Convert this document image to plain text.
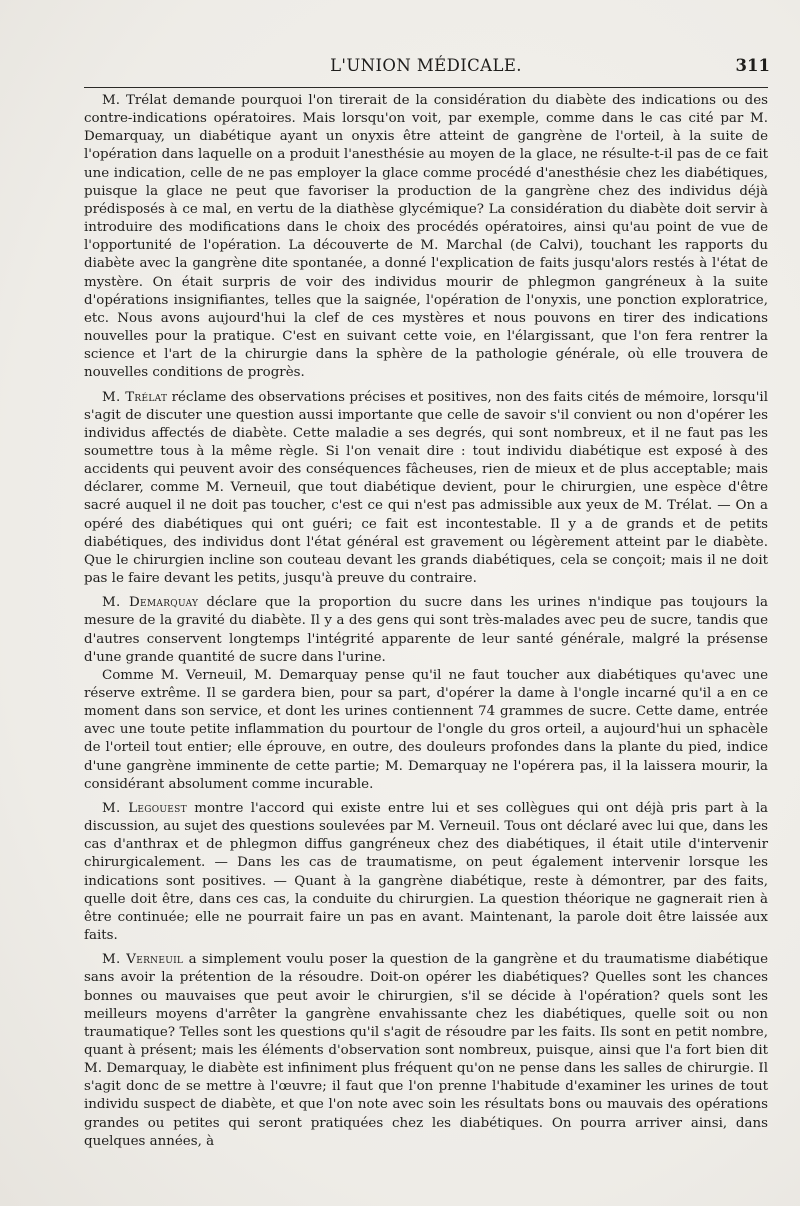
L'UNION MÉDICALE.	311

M. Trélat demande pourquoi l'on tirerait de la considération du diabète des indications ou des contre-indications opératoires. Mais lorsqu'on voit, par exemple, comme dans le cas cité par M. Demarquay, un diabétique ayant un onyxis être atteint de gangrène de l'orteil, à la suite de l'opération dans laquelle on a produit l'anesthésie au moyen de la glace, ne résulte-t-il pas de ce fait une indication, celle de ne pas employer la glace comme procédé d'anesthésie chez les diabétiques, puisque la glace ne peut que favoriser la production de la gangrène chez des individus déjà prédisposés à ce mal, en vertu de la diathèse glycémique? La considération du diabète doit servir à introduire des modifications dans le choix des procédés opératoires, ainsi qu'au point de vue de l'opportunité de l'opération. La découverte de M. Marchal (de Calvi), touchant les rapports du diabète avec la gangrène dite spontanée, a donné l'explication de faits jusqu'alors restés à l'état de mystère. On était surpris de voir des individus mourir de phlegmon gangréneux à la suite d'opérations insignifiantes, telles que la saignée, l'opération de l'onyxis, une ponction exploratrice, etc. Nous avons aujourd'hui la clef de ces mystères et nous pouvons en tirer des indications nouvelles pour la pratique. C'est en suivant cette voie, en l'élargissant, que l'on fera rentrer la science et l'art de la chirurgie dans la sphère de la pathologie générale, où elle trouvera de nouvelles conditions de progrès.

M. Trélat réclame des observations précises et positives, non des faits cités de mémoire, lorsqu'il s'agit de discuter une question aussi importante que celle de savoir s'il convient ou non d'opérer les individus affectés de diabète. Cette maladie a ses degrés, qui sont nombreux, et il ne faut pas les soumettre tous à la même règle. Si l'on venait dire : tout individu diabétique est exposé à des accidents qui peuvent avoir des conséquences fâcheuses, rien de mieux et de plus acceptable; mais déclarer, comme M. Verneuil, que tout diabétique devient, pour le chirurgien, une espèce d'être sacré auquel il ne doit pas toucher, c'est ce qui n'est pas admissible aux yeux de M. Trélat. — On a opéré des diabétiques qui ont guéri; ce fait est incontestable. Il y a de grands et de petits diabétiques, des individus dont l'état général est gravement ou légèrement atteint par le diabète. Que le chirurgien incline son couteau devant les grands diabétiques, cela se conçoit; mais il ne doit pas le faire devant les petits, jusqu'à preuve du contraire.

M. Demarquay déclare que la proportion du sucre dans les urines n'indique pas toujours la mesure de la gravité du diabète. Il y a des gens qui sont très-malades avec peu de sucre, tandis que d'autres conservent longtemps l'intégrité apparente de leur santé générale, malgré la présense d'une grande quantité de sucre dans l'urine.

Comme M. Verneuil, M. Demarquay pense qu'il ne faut toucher aux diabétiques qu'avec une réserve extrême. Il se gardera bien, pour sa part, d'opérer la dame à l'ongle incarné qu'il a en ce moment dans son service, et dont les urines contiennent 74 grammes de sucre. Cette dame, entrée avec une toute petite inflammation du pourtour de l'ongle du gros orteil, a aujourd'hui un sphacèle de l'orteil tout entier; elle éprouve, en outre, des douleurs profondes dans la plante du pied, indice d'une gangrène imminente de cette partie; M. Demarquay ne l'opérera pas, il la laissera mourir, la considérant absolument comme incurable.

M. Legouest montre l'accord qui existe entre lui et ses collègues qui ont déjà pris part à la discussion, au sujet des questions soulevées par M. Verneuil. Tous ont déclaré avec lui que, dans les cas d'anthrax et de phlegmon diffus gangréneux chez des diabétiques, il était utile d'intervenir chirurgicalement. — Dans les cas de traumatisme, on peut également intervenir lorsque les indications sont positives. — Quant à la gangrène diabétique, reste à démontrer, par des faits, quelle doit être, dans ces cas, la conduite du chirurgien. La question théorique ne gagnerait rien à être continuée; elle ne pourrait faire un pas en avant. Maintenant, la parole doit être laissée aux faits.

M. Verneuil a simplement voulu poser la question de la gangrène et du traumatisme diabétique sans avoir la prétention de la résoudre. Doit-on opérer les diabétiques? Quelles sont les chances bonnes ou mauvaises que peut avoir le chirurgien, s'il se décide à l'opération? quels sont les meilleurs moyens d'arrêter la gangrène envahissante chez les diabétiques, quelle soit ou non traumatique? Telles sont les questions qu'il s'agit de résoudre par les faits. Ils sont en petit nombre, quant à présent; mais les éléments d'observation sont nombreux, puisque, ainsi que l'a fort bien dit M. Demarquay, le diabète est infiniment plus fréquent qu'on ne pense dans les salles de chirurgie. Il s'agit donc de se mettre à l'œuvre; il faut que l'on prenne l'habitude d'examiner les urines de tout individu suspect de diabète, et que l'on note avec soin les résultats bons ou mauvais des opérations grandes ou petites qui seront pratiquées chez les diabétiques. On pourra arriver ainsi, dans quelques années, à
